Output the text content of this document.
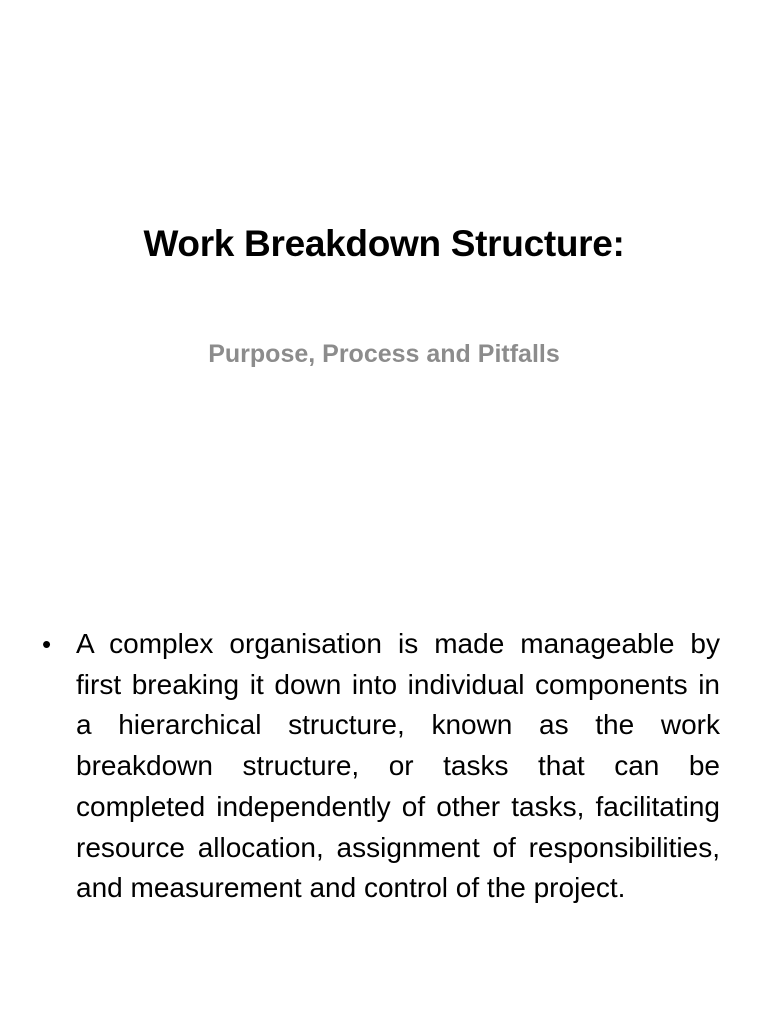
Work Breakdown Structure:
Purpose, Process and Pitfalls
• A complex organisation is made manageable by first breaking it down into individual components in a hierarchical structure, known as the work breakdown structure, or tasks that can be completed independently of other tasks, facilitating resource allocation, assignment of responsibilities, and measurement and control of the project.
